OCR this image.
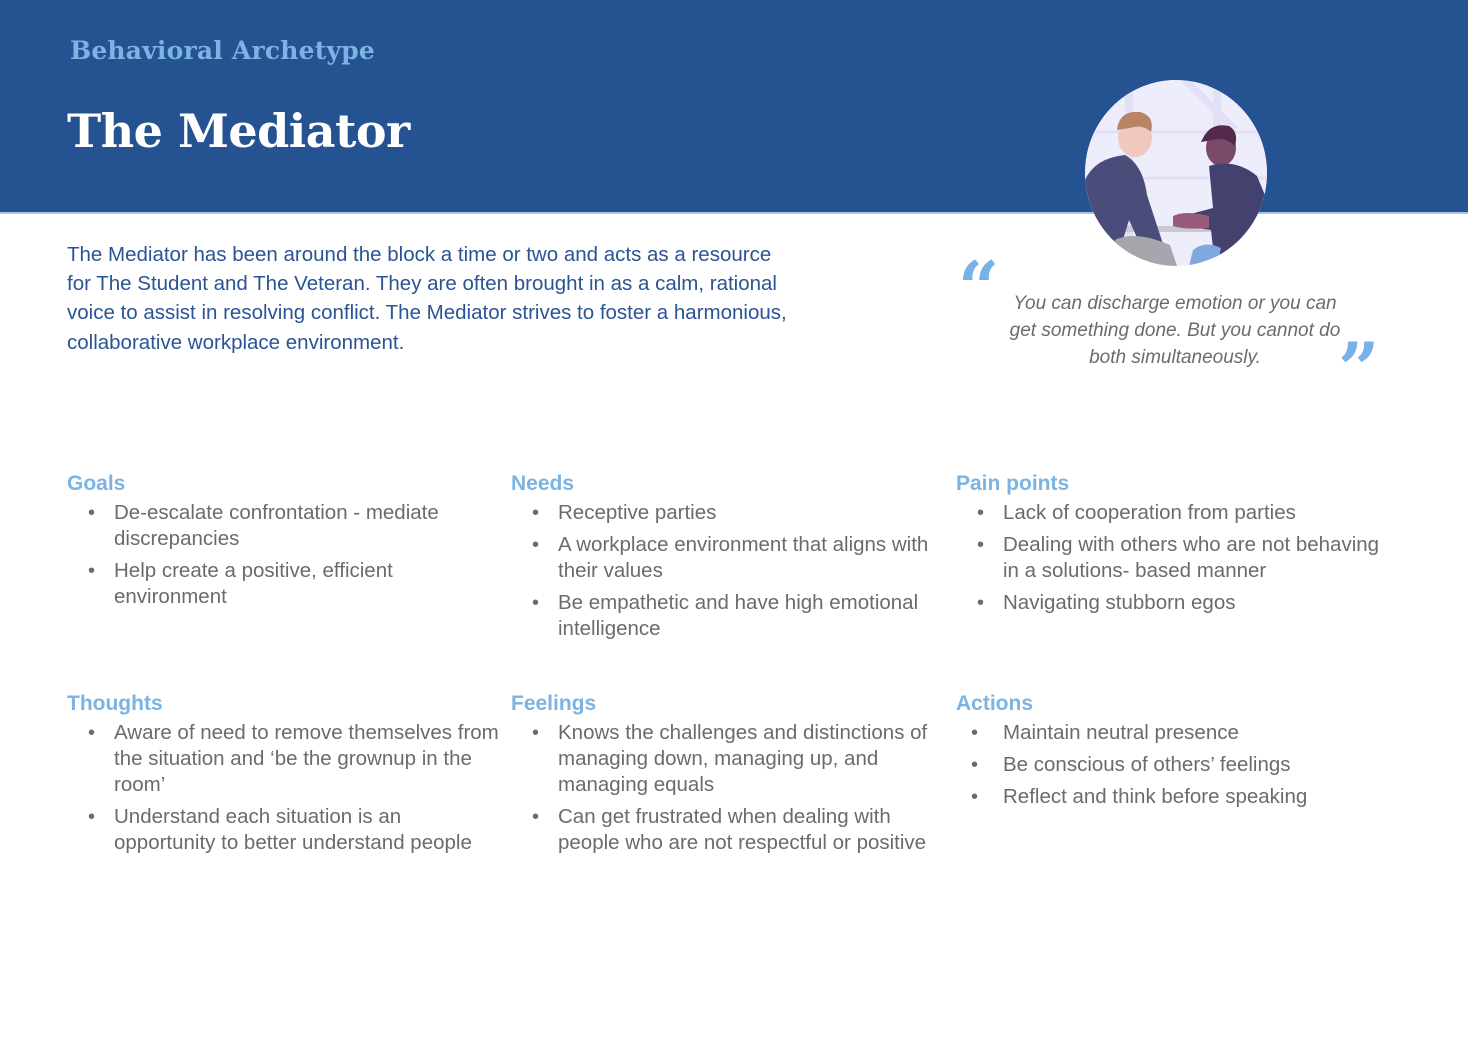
Behavioral Archetype
The Mediator

The Mediator has been around the block a time or two and acts as a resource for The Student and The Veteran. They are often brought in as a calm, rational voice to assist in resolving conflict. The Mediator strives to foster a harmonious, collaborative workplace environment.

“ You can discharge emotion or you can get something done. But you cannot do both simultaneously.	”
Goals
• De-escalate confrontation - mediate discrepancies
• Help create a positive, efficient environment
Needs
• Receptive parties
• A workplace environment that aligns with their values
• Be empathetic and have high emotional intelligence
Pain points
• Lack of cooperation from parties
• Dealing with others who are not behaving in a solutions- based manner
• Navigating stubborn egos
Thoughts
• Aware of need to remove themselves from the situation and ‘be the grownup in the room’
• Understand each situation is an opportunity to better understand people
Feelings
• Knows the challenges and distinctions of managing down, managing up, and managing equals
• Can get frustrated when dealing with people who are not respectful or positive
Actions
• Maintain neutral presence
• Be conscious of others’ feelings
• Reflect and think before speaking
